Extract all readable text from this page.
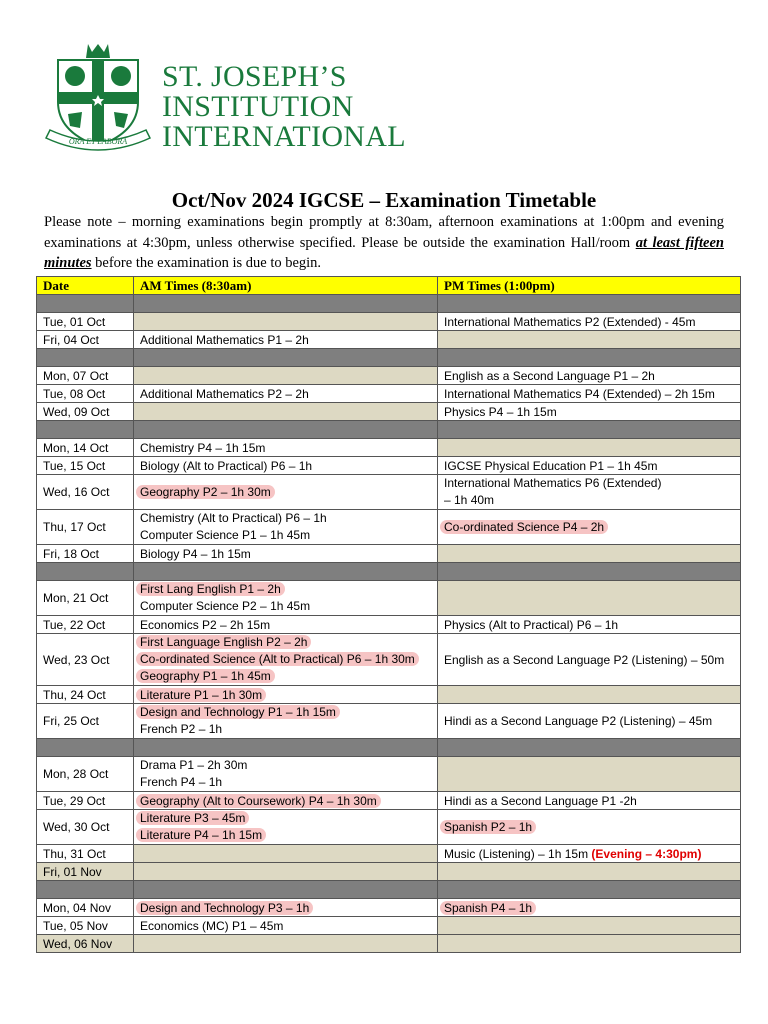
ORA ET LABORA
ST. JOSEPH’S
INSTITUTION
INTERNATIONAL
Oct/Nov 2024 IGCSE – Examination Timetable
Please note – morning examinations begin promptly at 8:30am, afternoon examinations at 1:00pm and evening examinations at 4:30pm, unless otherwise specified. Please be outside the examination Hall/room at least fifteen minutes before the examination is due to begin.
Date	AM Times (8:30am)	PM Times (1:00pm)

Tue, 01 Oct		International Mathematics P2 (Extended) - 45m
Fri, 04 Oct	Additional Mathematics P1 – 2h	

Mon, 07 Oct		English as a Second Language P1 – 2h
Tue, 08 Oct	Additional Mathematics P2 – 2h	International Mathematics P4 (Extended) – 2h 15m
Wed, 09 Oct		Physics P4 – 1h 15m

Mon, 14 Oct	Chemistry P4 – 1h 15m	
Tue, 15 Oct	Biology (Alt to Practical) P6 – 1h	IGCSE Physical Education P1 – 1h 45m
Wed, 16 Oct	Geography P2 – 1h 30m	International Mathematics P6 (Extended)
– 1h 40m

Thu, 17 Oct	Chemistry (Alt to Practical) P6 – 1h
Computer Science P1 – 1h 45m	Co-ordinated Science P4 – 2h
Fri, 18 Oct	Biology P4 – 1h 15m	

Mon, 21 Oct	First Lang English P1 – 2h
Computer Science P2 – 1h 45m	

Tue, 22 Oct	Economics P2 – 2h 15m	Physics (Alt to Practical) P6 – 1h
Wed, 23 Oct	First Language English P2 – 2h
Co-ordinated Science (Alt to Practical) P6 – 1h 30m
Geography P1 – 1h 45m	English as a Second Language P2 (Listening) – 50m
Thu, 24 Oct	Literature P1 – 1h 30m	
Fri, 25 Oct	Design and Technology P1 – 1h 15m
French P2 – 1h	Hindi as a Second Language P2 (Listening) – 45m

Mon, 28 Oct	Drama P1 – 2h 30m
French P4 – 1h	

Tue, 29 Oct	Geography (Alt to Coursework) P4 – 1h 30m	Hindi as a Second Language P1 -2h
Wed, 30 Oct	Literature P3 – 45m
Literature P4 – 1h 15m	Spanish P2 – 1h
Thu, 31 Oct		Music (Listening) – 1h 15m (Evening – 4:30pm)
Fri, 01 Nov		

Mon, 04 Nov	Design and Technology P3 – 1h	Spanish P4 – 1h
Tue, 05 Nov	Economics (MC) P1 – 45m	
Wed, 06 Nov		
